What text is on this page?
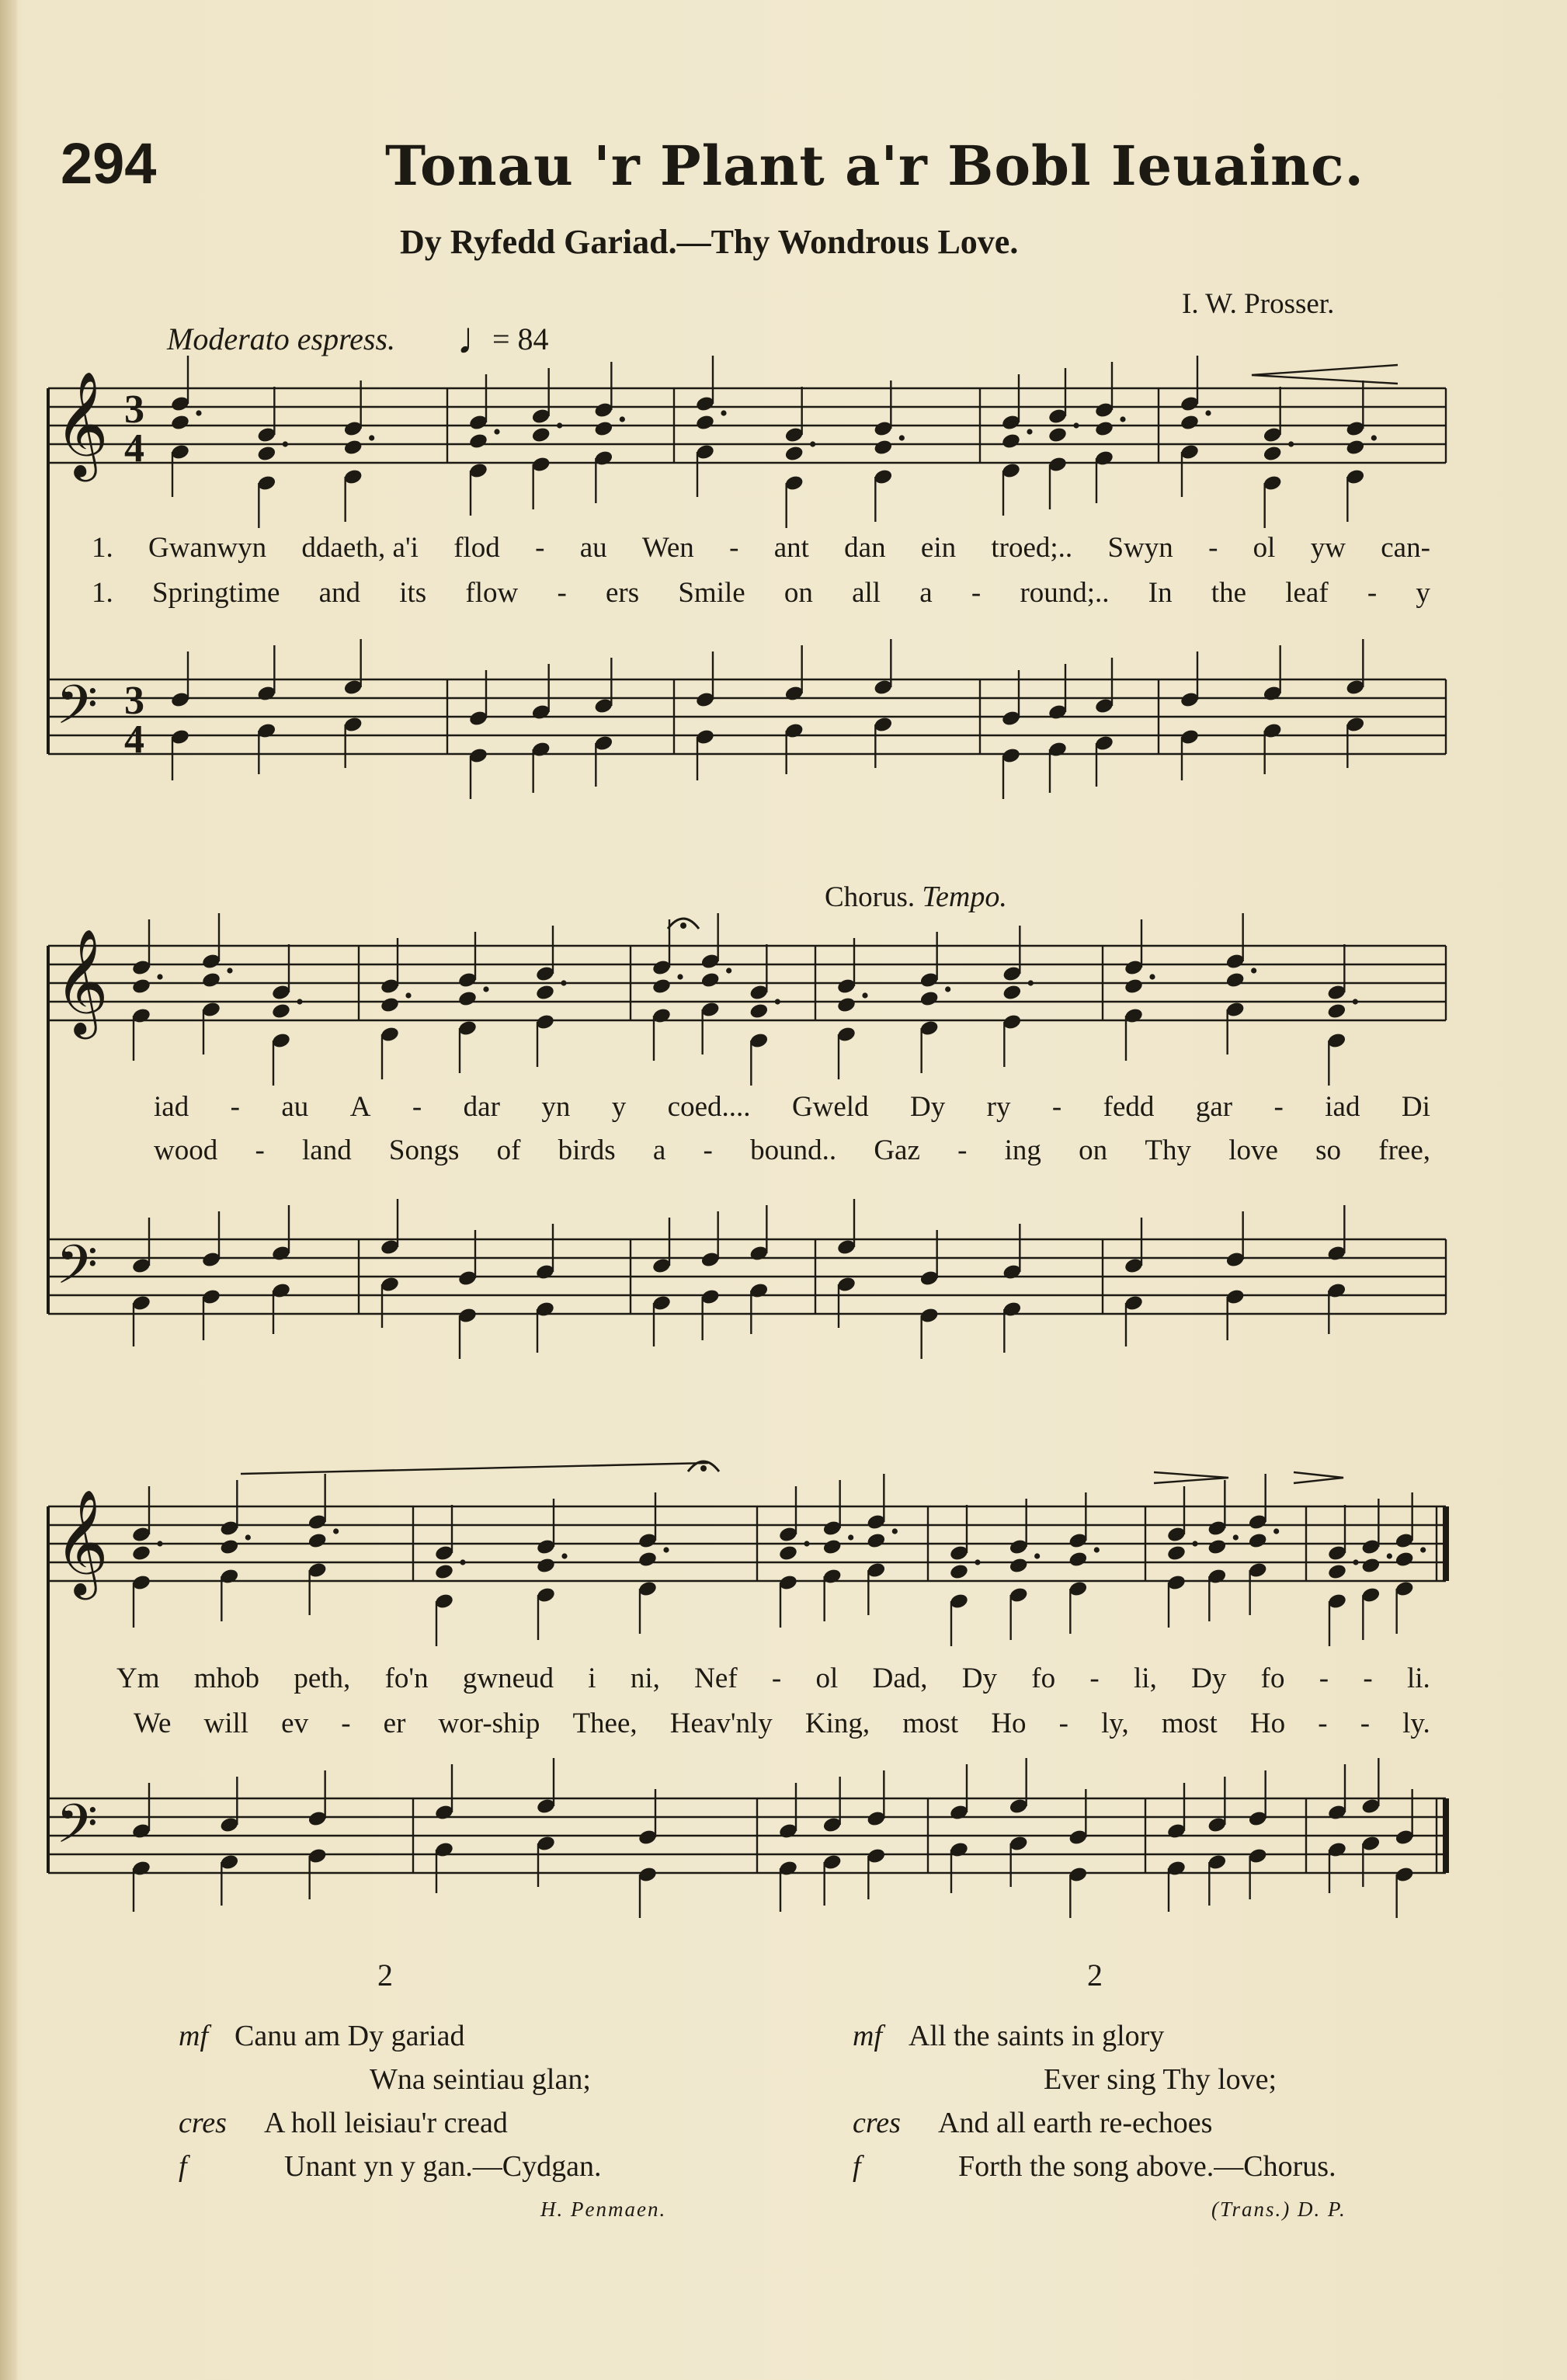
294	Tonau 'r Plant a'r Bobl Ieuainc.
Dy Ryfedd Gariad.—Thy Wondrous Love.
I. W. Prosser.
Moderato espress. ♩
= 84
Chorus. Tempo.
𝄞
𝄢
3
4
3
4
𝄞
𝄢
𝄞
𝄢
1. Gwanwyn ddaeth, a'i flod - au Wen - ant dan ein troed;.. Swyn - ol yw can-
1. Springtime and its flow - ers Smile on all a - round;.. In the leaf - y
iad - au A - dar yn y coed.... Gweld Dy ry - fedd gar - iad Di
wood - land Songs of birds a - bound.. Gaz - ing on Thy love so free,
Ym mhob peth, fo'n gwneud i ni, Nef - ol Dad, Dy fo - li, Dy fo - - li.
We will ev - er wor-ship Thee, Heav'nly King, most Ho - ly, most Ho - - ly.
2
mf Canu am Dy gariad
Wna seintiau glan;
cres A holl leisiau'r cread
f	Unant yn y gan.—Cydgan.
H. Penmaen.
2
mf All the saints in glory
Ever sing Thy love;
cres And all earth re-echoes
f	Forth the song above.—Chorus.
(Trans.) D. P.
